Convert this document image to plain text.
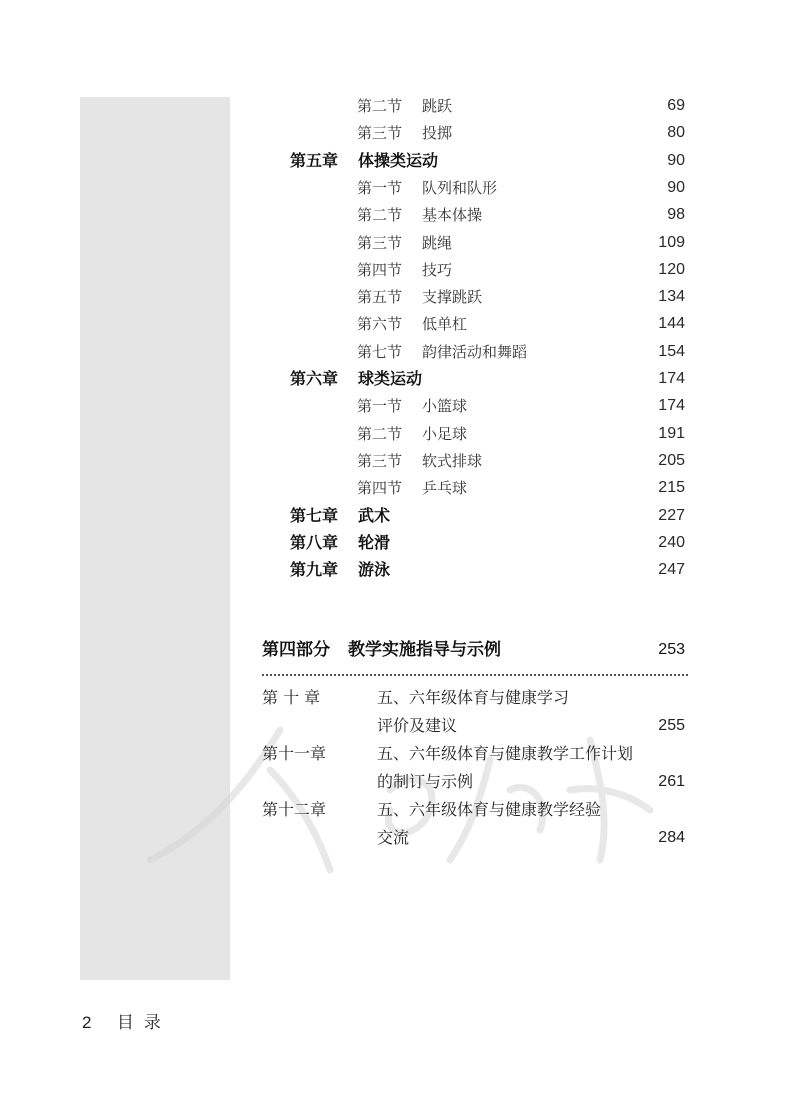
第二节 跳跃	69
第三节 投掷	80
第五章 体操类运动	90
第一节 队列和队形	90
第二节 基本体操	98
第三节 跳绳	109
第四节 技巧	120
第五节 支撑跳跃	134
第六节 低单杠	144
第七节 韵律活动和舞蹈	154
第六章 球类运动	174
第一节 小篮球	174
第二节 小足球	191
第三节 软式排球	205
第四节 乒乓球	215
第七章 武术	227
第八章 轮滑	240
第九章 游泳	247
第四部分 教学实施指导与示例	253
第 十 章	五、六年级体育与健康学习
评价及建议	255
第十一章	五、六年级体育与健康教学工作计划
的制订与示例	261
第十二章	五、六年级体育与健康教学经验
交流	284
2 目录
